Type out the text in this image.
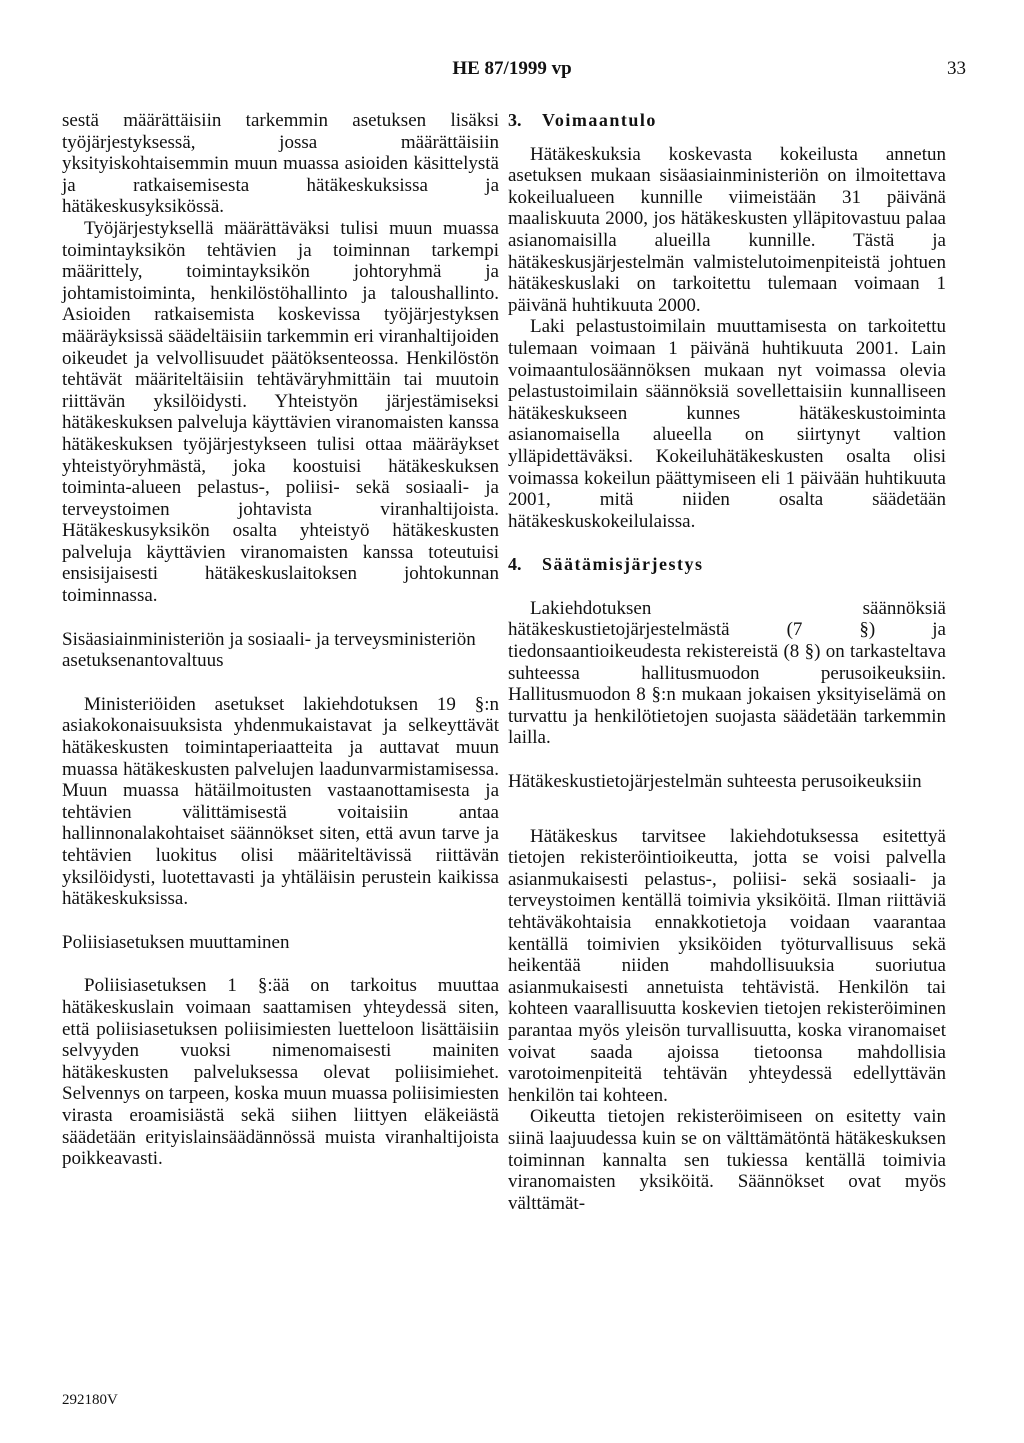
HE 87/1999 vp	33

sestä määrättäisiin tarkemmin asetuksen lisäksi työjärjestyksessä, jossa määrättäisiin yksityiskohtaisemmin muun muassa asioiden käsittelystä ja ratkaisemisesta hätäkeskuksissa ja hätäkeskusyksikössä.

Työjärjestyksellä määrättäväksi tulisi muun muassa toimintayksikön tehtävien ja toiminnan tarkempi määrittely, toimintayksikön johtoryhmä ja johtamistoiminta, henkilöstöhallinto ja taloushallinto. Asioiden ratkaisemista koskevissa työjärjestyksen määräyksissä säädeltäisiin tarkemmin eri viranhaltijoiden oikeudet ja velvollisuudet päätöksenteossa. Henkilöstön tehtävät määriteltäisiin tehtäväryhmittäin tai muutoin riittävän yksilöidysti. Yhteistyön järjestämiseksi hätäkeskuksen palveluja käyttävien viranomaisten kanssa hätäkeskuksen työjärjestykseen tulisi ottaa määräykset yhteistyöryhmästä, joka koostuisi hätäkeskuksen toiminta-alueen pelastus-, poliisi- sekä sosiaali- ja terveystoimen johtavista viranhaltijoista. Hätäkeskusyksikön osalta yhteistyö hätäkeskusten palveluja käyttävien viranomaisten kanssa toteutuisi ensisijaisesti hätäkeskuslaitoksen johtokunnan toiminnassa.

Sisäasiainministeriön ja sosiaali- ja terveysministeriön asetuksenantovaltuus

Ministeriöiden asetukset lakiehdotuksen 19 §:n asiakokonaisuuksista yhdenmukaistavat ja selkeyttävät hätäkeskusten toimintaperiaatteita ja auttavat muun muassa hätäkeskusten palvelujen laadunvarmistamisessa. Muun muassa hätäilmoitusten vastaanottamisesta ja tehtävien välittämisestä voitaisiin antaa hallinnonalakohtaiset säännökset siten, että avun tarve ja tehtävien luokitus olisi määriteltävissä riittävän yksilöidysti, luotettavasti ja yhtäläisin perustein kaikissa hätäkeskuksissa.

Poliisiasetuksen muuttaminen

Poliisiasetuksen 1 §:ää on tarkoitus muuttaa hätäkeskuslain voimaan saattamisen yhteydessä siten, että poliisiasetuksen poliisimiesten luetteloon lisättäisiin selvyyden vuoksi nimenomaisesti mainiten hätäkeskusten palveluksessa olevat poliisimiehet. Selvennys on tarpeen, koska muun muassa poliisimiesten virasta eroamisiästä sekä siihen liittyen eläkeiästä säädetään erityislainsäädännössä muista viranhaltijoista poikkeavasti.

3.	Voimaantulo

Hätäkeskuksia koskevasta kokeilusta annetun asetuksen mukaan sisäasiainministeriön on ilmoitettava kokeilualueen kunnille viimeistään 31 päivänä maaliskuuta 2000, jos hätäkeskusten ylläpitovastuu palaa asianomaisilla alueilla kunnille. Tästä ja hätäkeskusjärjestelmän valmistelutoimenpiteistä johtuen hätäkeskuslaki on tarkoitettu tulemaan voimaan 1 päivänä huhtikuuta 2000.

Laki pelastustoimilain muuttamisesta on tarkoitettu tulemaan voimaan 1 päivänä huhtikuuta 2001. Lain voimaantulosäännöksen mukaan nyt voimassa olevia pelastustoimilain säännöksiä sovellettaisiin kunnalliseen hätäkeskukseen kunnes hätäkeskustoiminta asianomaisella alueella on siirtynyt valtion ylläpidettäväksi. Kokeiluhätäkeskusten osalta olisi voimassa kokeilun päättymiseen eli 1 päivään huhtikuuta 2001, mitä niiden osalta säädetään hätäkeskuskokeilulaissa.

4.	Säätämisjärjestys

Lakiehdotuksen säännöksiä hätäkeskustietojärjestelmästä (7 §) ja tiedonsaantioikeudesta rekistereistä (8 §) on tarkasteltava suhteessa hallitusmuodon perusoikeuksiin. Hallitusmuodon 8 §:n mukaan jokaisen yksityiselämä on turvattu ja henkilötietojen suojasta säädetään tarkemmin lailla.

Hätäkeskustietojärjestelmän suhteesta perusoikeuksiin

Hätäkeskus tarvitsee lakiehdotuksessa esitettyä tietojen rekisteröintioikeutta, jotta se voisi palvella asianmukaisesti pelastus-, poliisi- sekä sosiaali- ja terveystoimen kentällä toimivia yksiköitä. Ilman riittäviä tehtäväkohtaisia ennakkotietoja voidaan vaarantaa kentällä toimivien yksiköiden työturvallisuus sekä heikentää niiden mahdollisuuksia suoriutua asianmukaisesti annetuista tehtävistä. Henkilön tai kohteen vaarallisuutta koskevien tietojen rekisteröiminen parantaa myös yleisön turvallisuutta, koska viranomaiset voivat saada ajoissa tietoonsa mahdollisia varotoimenpiteitä tehtävän yhteydessä edellyttävän henkilön tai kohteen.

Oikeutta tietojen rekisteröimiseen on esitetty vain siinä laajuudessa kuin se on välttämätöntä hätäkeskuksen toiminnan kannalta sen tukiessa kentällä toimivia viranomaisten yksiköitä. Säännökset ovat myös välttämät-

292180V
